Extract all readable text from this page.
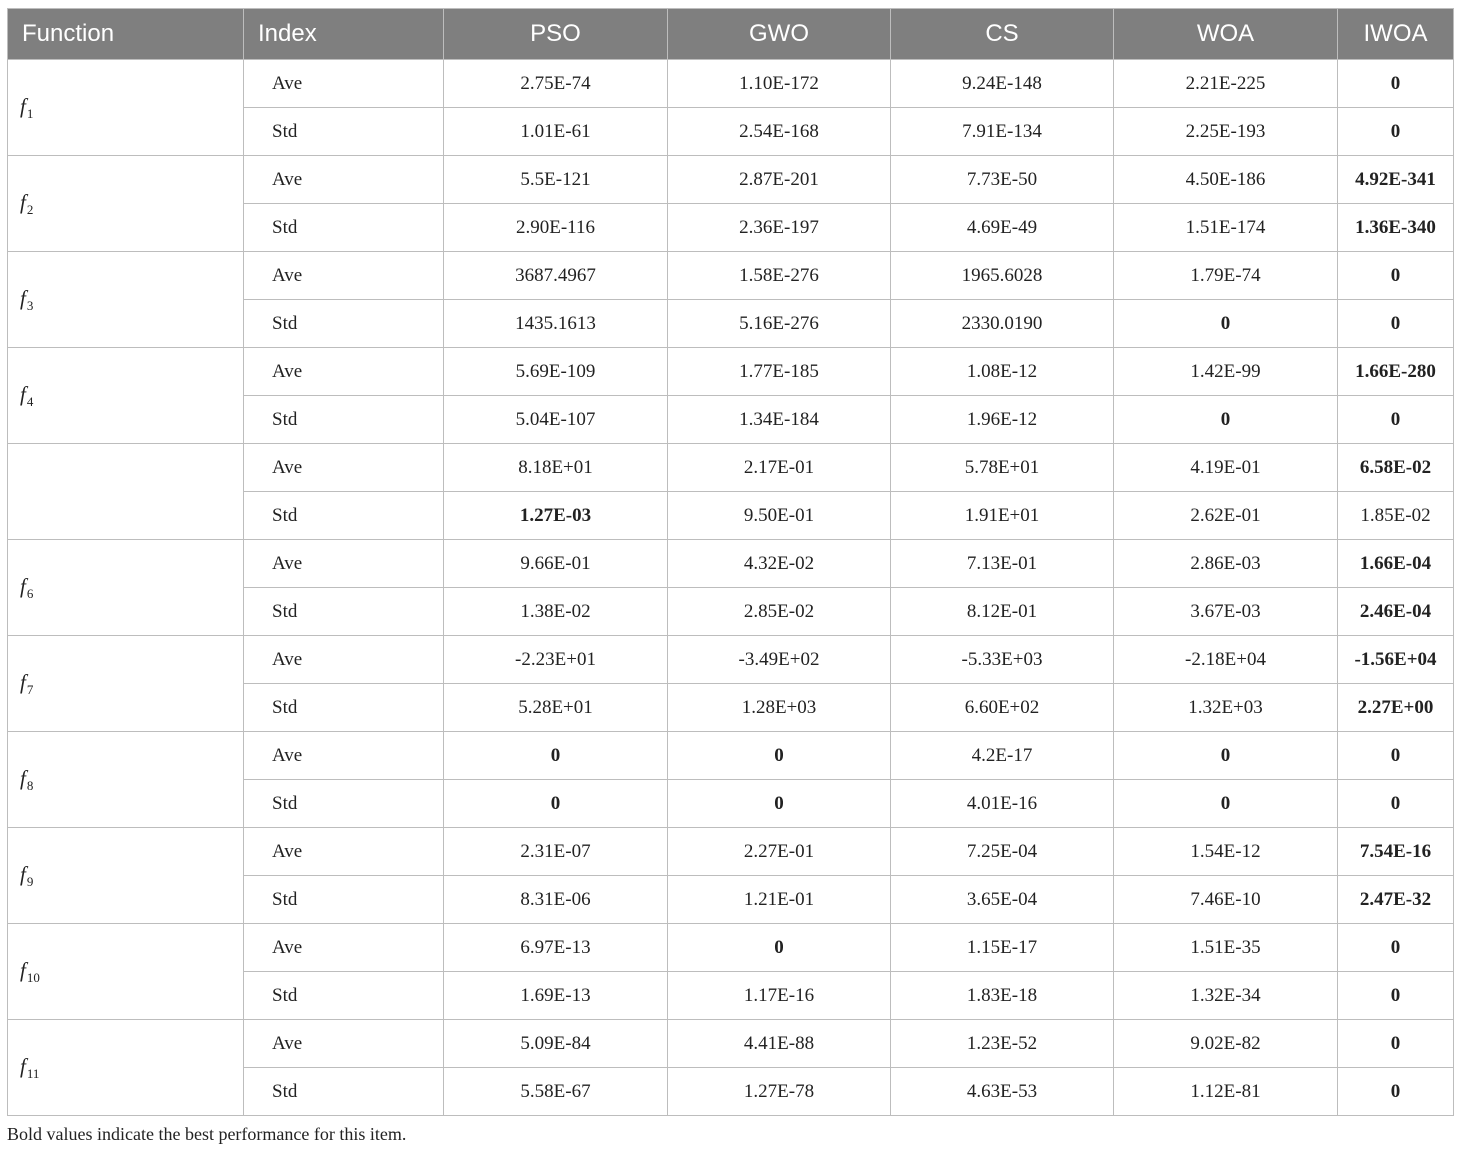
Function	Index	PSO	GWO	CS	WOA	IWOA
$f_1$	Ave	2.75E-74	1.10E-172	9.24E-148	2.21E-225	0
	Std	1.01E-61	2.54E-168	7.91E-134	2.25E-193	0
$f_2$	Ave	5.5E-121	2.87E-201	7.73E-50	4.50E-186	4.92E-341
	Std	2.90E-116	2.36E-197	4.69E-49	1.51E-174	1.36E-340
$f_3$	Ave	3687.4967	1.58E-276	1965.6028	1.79E-74	0
	Std	1435.1613	5.16E-276	2330.0190	0	0
$f_4$	Ave	5.69E-109	1.77E-185	1.08E-12	1.42E-99	1.66E-280
	Std	5.04E-107	1.34E-184	1.96E-12	0	0
	Ave	8.18E+01	2.17E-01	5.78E+01	4.19E-01	6.58E-02
	Std	1.27E-03	9.50E-01	1.91E+01	2.62E-01	1.85E-02
$f_6$	Ave	9.66E-01	4.32E-02	7.13E-01	2.86E-03	1.66E-04
	Std	1.38E-02	2.85E-02	8.12E-01	3.67E-03	2.46E-04
$f_7$	Ave	-2.23E+01	-3.49E+02	-5.33E+03	-2.18E+04	-1.56E+04
	Std	5.28E+01	1.28E+03	6.60E+02	1.32E+03	2.27E+00
$f_8$	Ave	0	0	4.2E-17	0	0
	Std	0	0	4.01E-16	0	0
$f_9$	Ave	2.31E-07	2.27E-01	7.25E-04	1.54E-12	7.54E-16
	Std	8.31E-06	1.21E-01	3.65E-04	7.46E-10	2.47E-32
$f_{10}$	Ave	6.97E-13	0	1.15E-17	1.51E-35	0
	Std	1.69E-13	1.17E-16	1.83E-18	1.32E-34	0
$f_{11}$	Ave	5.09E-84	4.41E-88	1.23E-52	9.02E-82	0
	Std	5.58E-67	1.27E-78	4.63E-53	1.12E-81	0
Bold values indicate the best performance for this item.
